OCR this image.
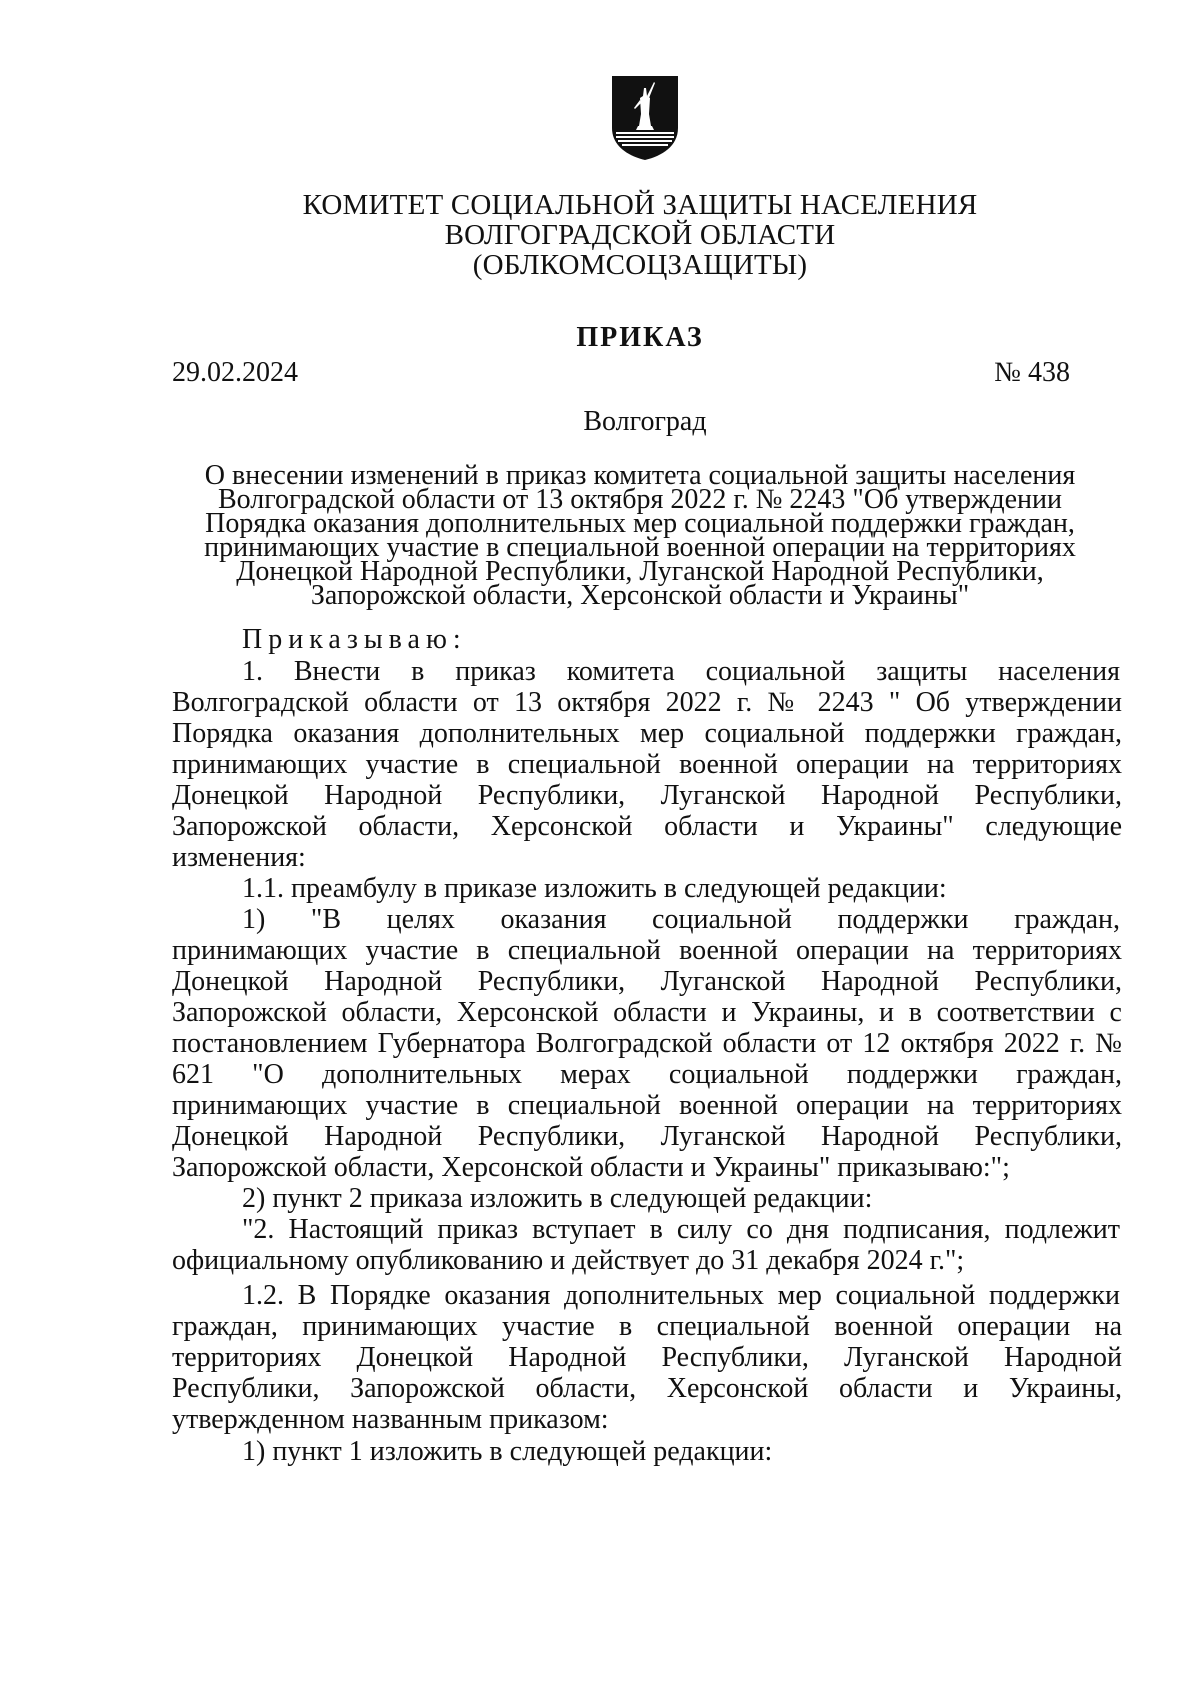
КОМИТЕТ СОЦИАЛЬНОЙ ЗАЩИТЫ НАСЕЛЕНИЯ
ВОЛГОГРАДСКОЙ ОБЛАСТИ
(ОБЛКОМСОЦЗАЩИТЫ)
ПРИКАЗ
29.02.2024	№ 438
Волгоград
О внесении изменений в приказ комитета социальной защиты населения
Волгоградской области от 13 октября 2022 г. № 2243 "Об утверждении
Порядка оказания дополнительных мер социальной поддержки граждан,
принимающих участие в специальной военной операции на территориях
Донецкой Народной Республики, Луганской Народной Республики,
Запорожской области, Херсонской области и Украины"
Приказываю:
1. Внести в приказ комитета социальной защиты населения
Волгоградской области от 13 октября 2022 г. № 2243 " Об утверждении
Порядка оказания дополнительных мер социальной поддержки граждан,
принимающих участие в специальной военной операции на территориях
Донецкой Народной Республики, Луганской Народной Республики,
Запорожской области, Херсонской области и Украины" следующие
изменения:
1.1. преамбулу в приказе изложить в следующей редакции:
1) "В целях оказания социальной поддержки граждан,
принимающих участие в специальной военной операции на территориях
Донецкой Народной Республики, Луганской Народной Республики,
Запорожской области, Херсонской области и Украины, и в соответствии с
постановлением Губернатора Волгоградской области от 12 октября 2022 г. №
621 "О дополнительных мерах социальной поддержки граждан,
принимающих участие в специальной военной операции на территориях
Донецкой Народной Республики, Луганской Народной Республики,
Запорожской области, Херсонской области и Украины" приказываю:";
2) пункт 2 приказа изложить в следующей редакции:
"2. Настоящий приказ вступает в силу со дня подписания, подлежит
официальному опубликованию и действует до 31 декабря 2024 г.";
1.2. В Порядке оказания дополнительных мер социальной поддержки
граждан, принимающих участие в специальной военной операции на
территориях Донецкой Народной Республики, Луганской Народной
Республики, Запорожской области, Херсонской области и Украины,
утвержденном названным приказом:
1) пункт 1 изложить в следующей редакции:
